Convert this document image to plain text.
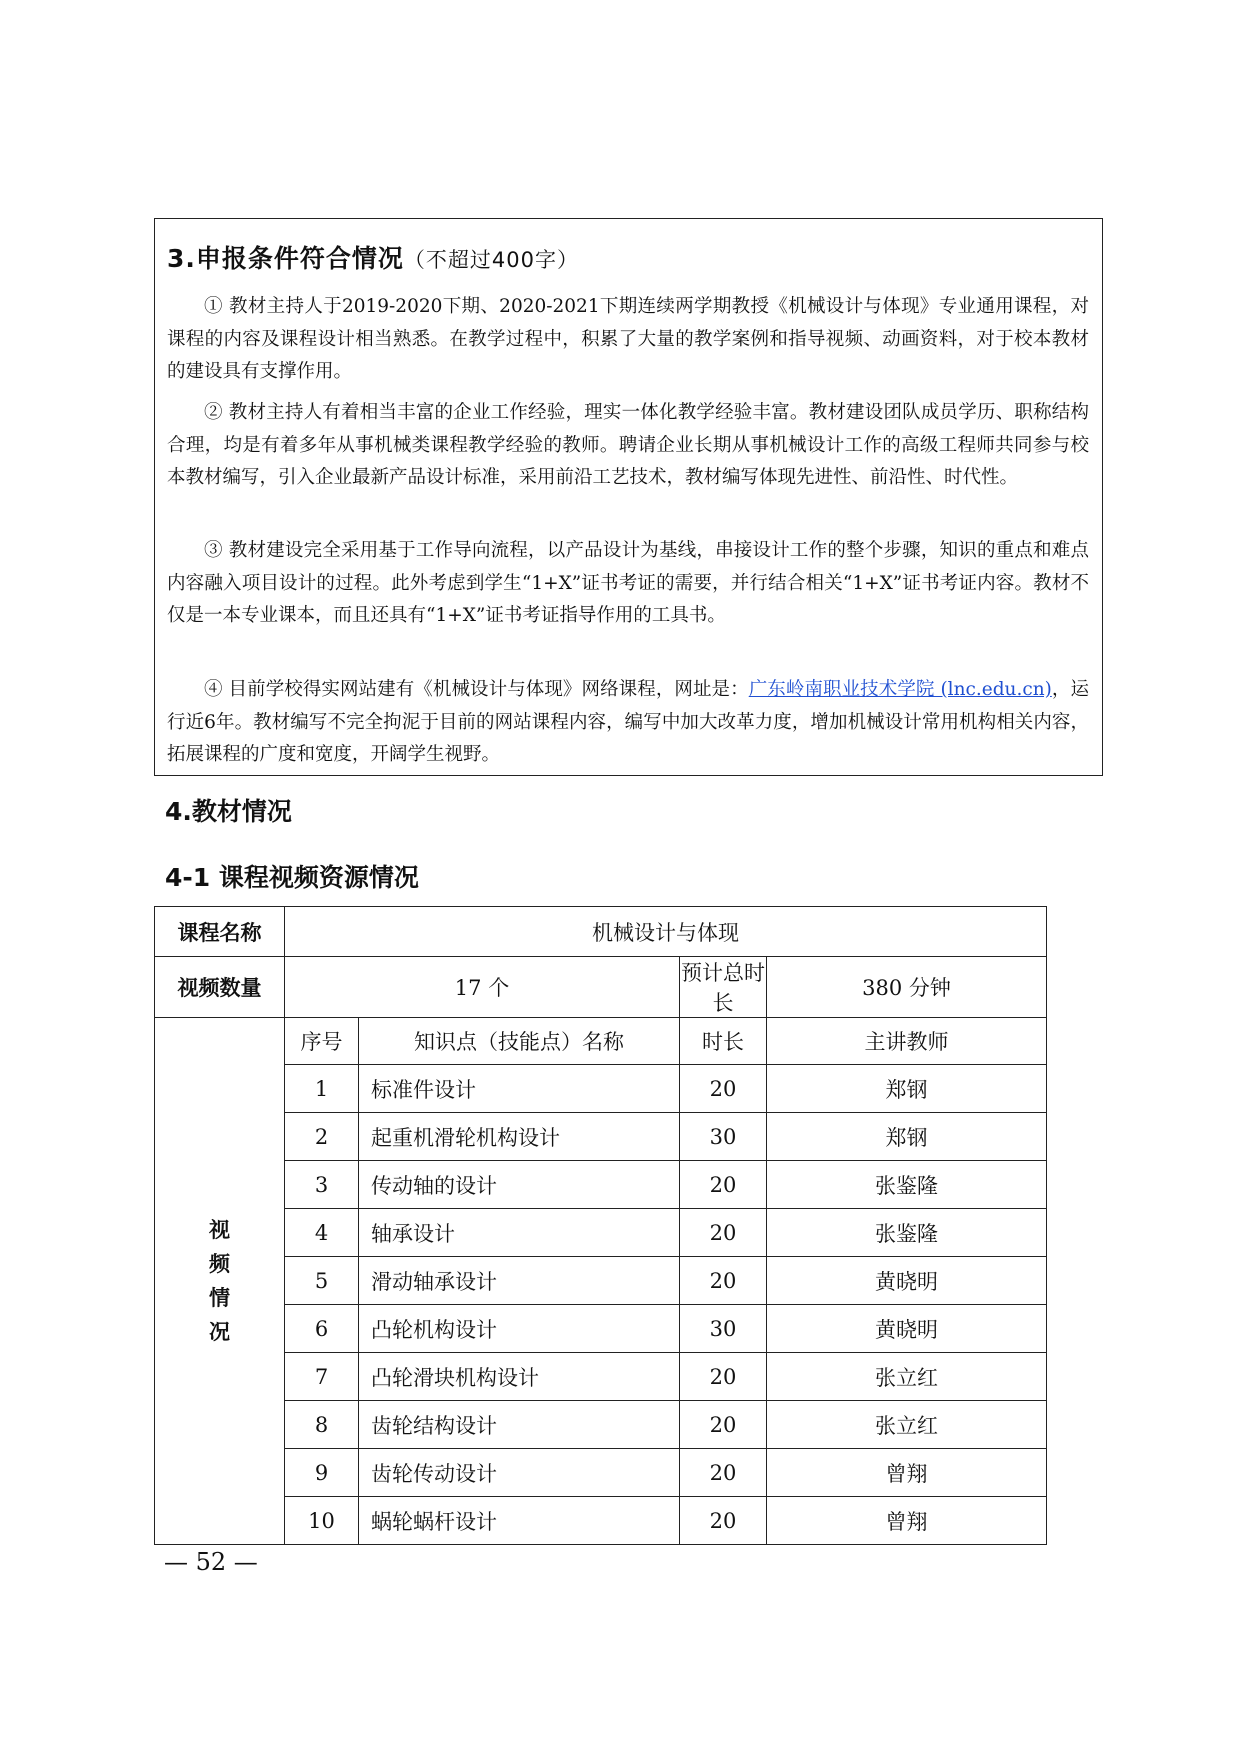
3.申报条件符合情况（不超过400字）

① 教材主持人于2019-2020下期、2020-2021下期连续两学期教授《机械设计与体现》专业通用课程，对课程的内容及课程设计相当熟悉。在教学过程中，积累了大量的教学案例和指导视频、动画资料，对于校本教材的建设具有支撑作用。

② 教材主持人有着相当丰富的企业工作经验，理实一体化教学经验丰富。教材建设团队成员学历、职称结构合理，均是有着多年从事机械类课程教学经验的教师。聘请企业长期从事机械设计工作的高级工程师共同参与校本教材编写，引入企业最新产品设计标准，采用前沿工艺技术，教材编写体现先进性、前沿性、时代性。

③ 教材建设完全采用基于工作导向流程，以产品设计为基线，串接设计工作的整个步骤，知识的重点和难点内容融入项目设计的过程。此外考虑到学生“1+X”证书考证的需要，并行结合相关“1+X”证书考证内容。教材不仅是一本专业课本，而且还具有“1+X”证书考证指导作用的工具书。

④ 目前学校得实网站建有《机械设计与体现》网络课程，网址是：广东岭南职业技术学院 (lnc.edu.cn)，运行近6年。教材编写不完全拘泥于目前的网站课程内容，编写中加大改革力度，增加机械设计常用机构相关内容，拓展课程的广度和宽度，开阔学生视野。

4.教材情况
4-1 课程视频资源情况
课程名称	机械设计与体现			
视频数量	17 个		预计总时长	380 分钟

视
频
情
况	序号	知识点（技能点）名称	时长	主讲教师
	1	标准件设计	20	郑钢
	2	起重机滑轮机构设计	30	郑钢
	3	传动轴的设计	20	张鉴隆
	4	轴承设计	20	张鉴隆
	5	滑动轴承设计	20	黄晓明
	6	凸轮机构设计	30	黄晓明
	7	凸轮滑块机构设计	20	张立红
	8	齿轮结构设计	20	张立红
	9	齿轮传动设计	20	曾翔
	10	蜗轮蜗杆设计	20	曾翔
— 52 —
